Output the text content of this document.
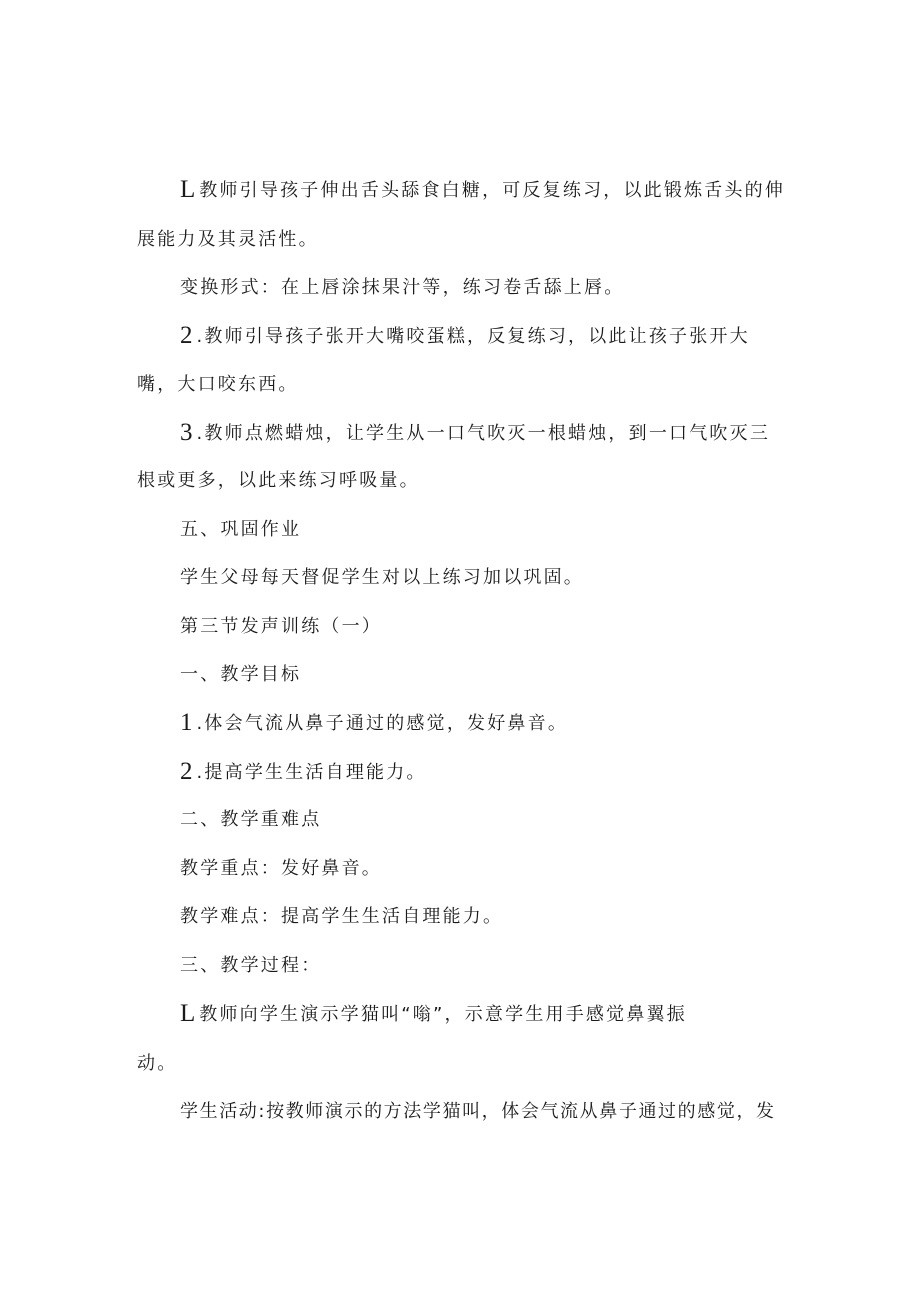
L 教师引导孩子伸出舌头舔食白糖，可反复练习，以此锻炼舌头的伸
展能力及其灵活性。
变换形式：在上唇涂抹果汁等，练习卷舌舔上唇。
2 .教师引导孩子张开大嘴咬蛋糕，反复练习，以此让孩子张开大
嘴，大口咬东西。
3 .教师点燃蜡烛，让学生从一口气吹灭一根蜡烛，到一口气吹灭三
根或更多，以此来练习呼吸量。
五、巩固作业
学生父母每天督促学生对以上练习加以巩固。
第三节发声训练（一）
一、教学目标
1 .体会气流从鼻子通过的感觉，发好鼻音。
2 .提高学生生活自理能力。
二、教学重难点
教学重点：发好鼻音。
教学难点：提高学生生活自理能力。
三、教学过程：
L 教师向学生演示学猫叫“嗡”，示意学生用手感觉鼻翼振
动。
学生活动:按教师演示的方法学猫叫，体会气流从鼻子通过的感觉，发
